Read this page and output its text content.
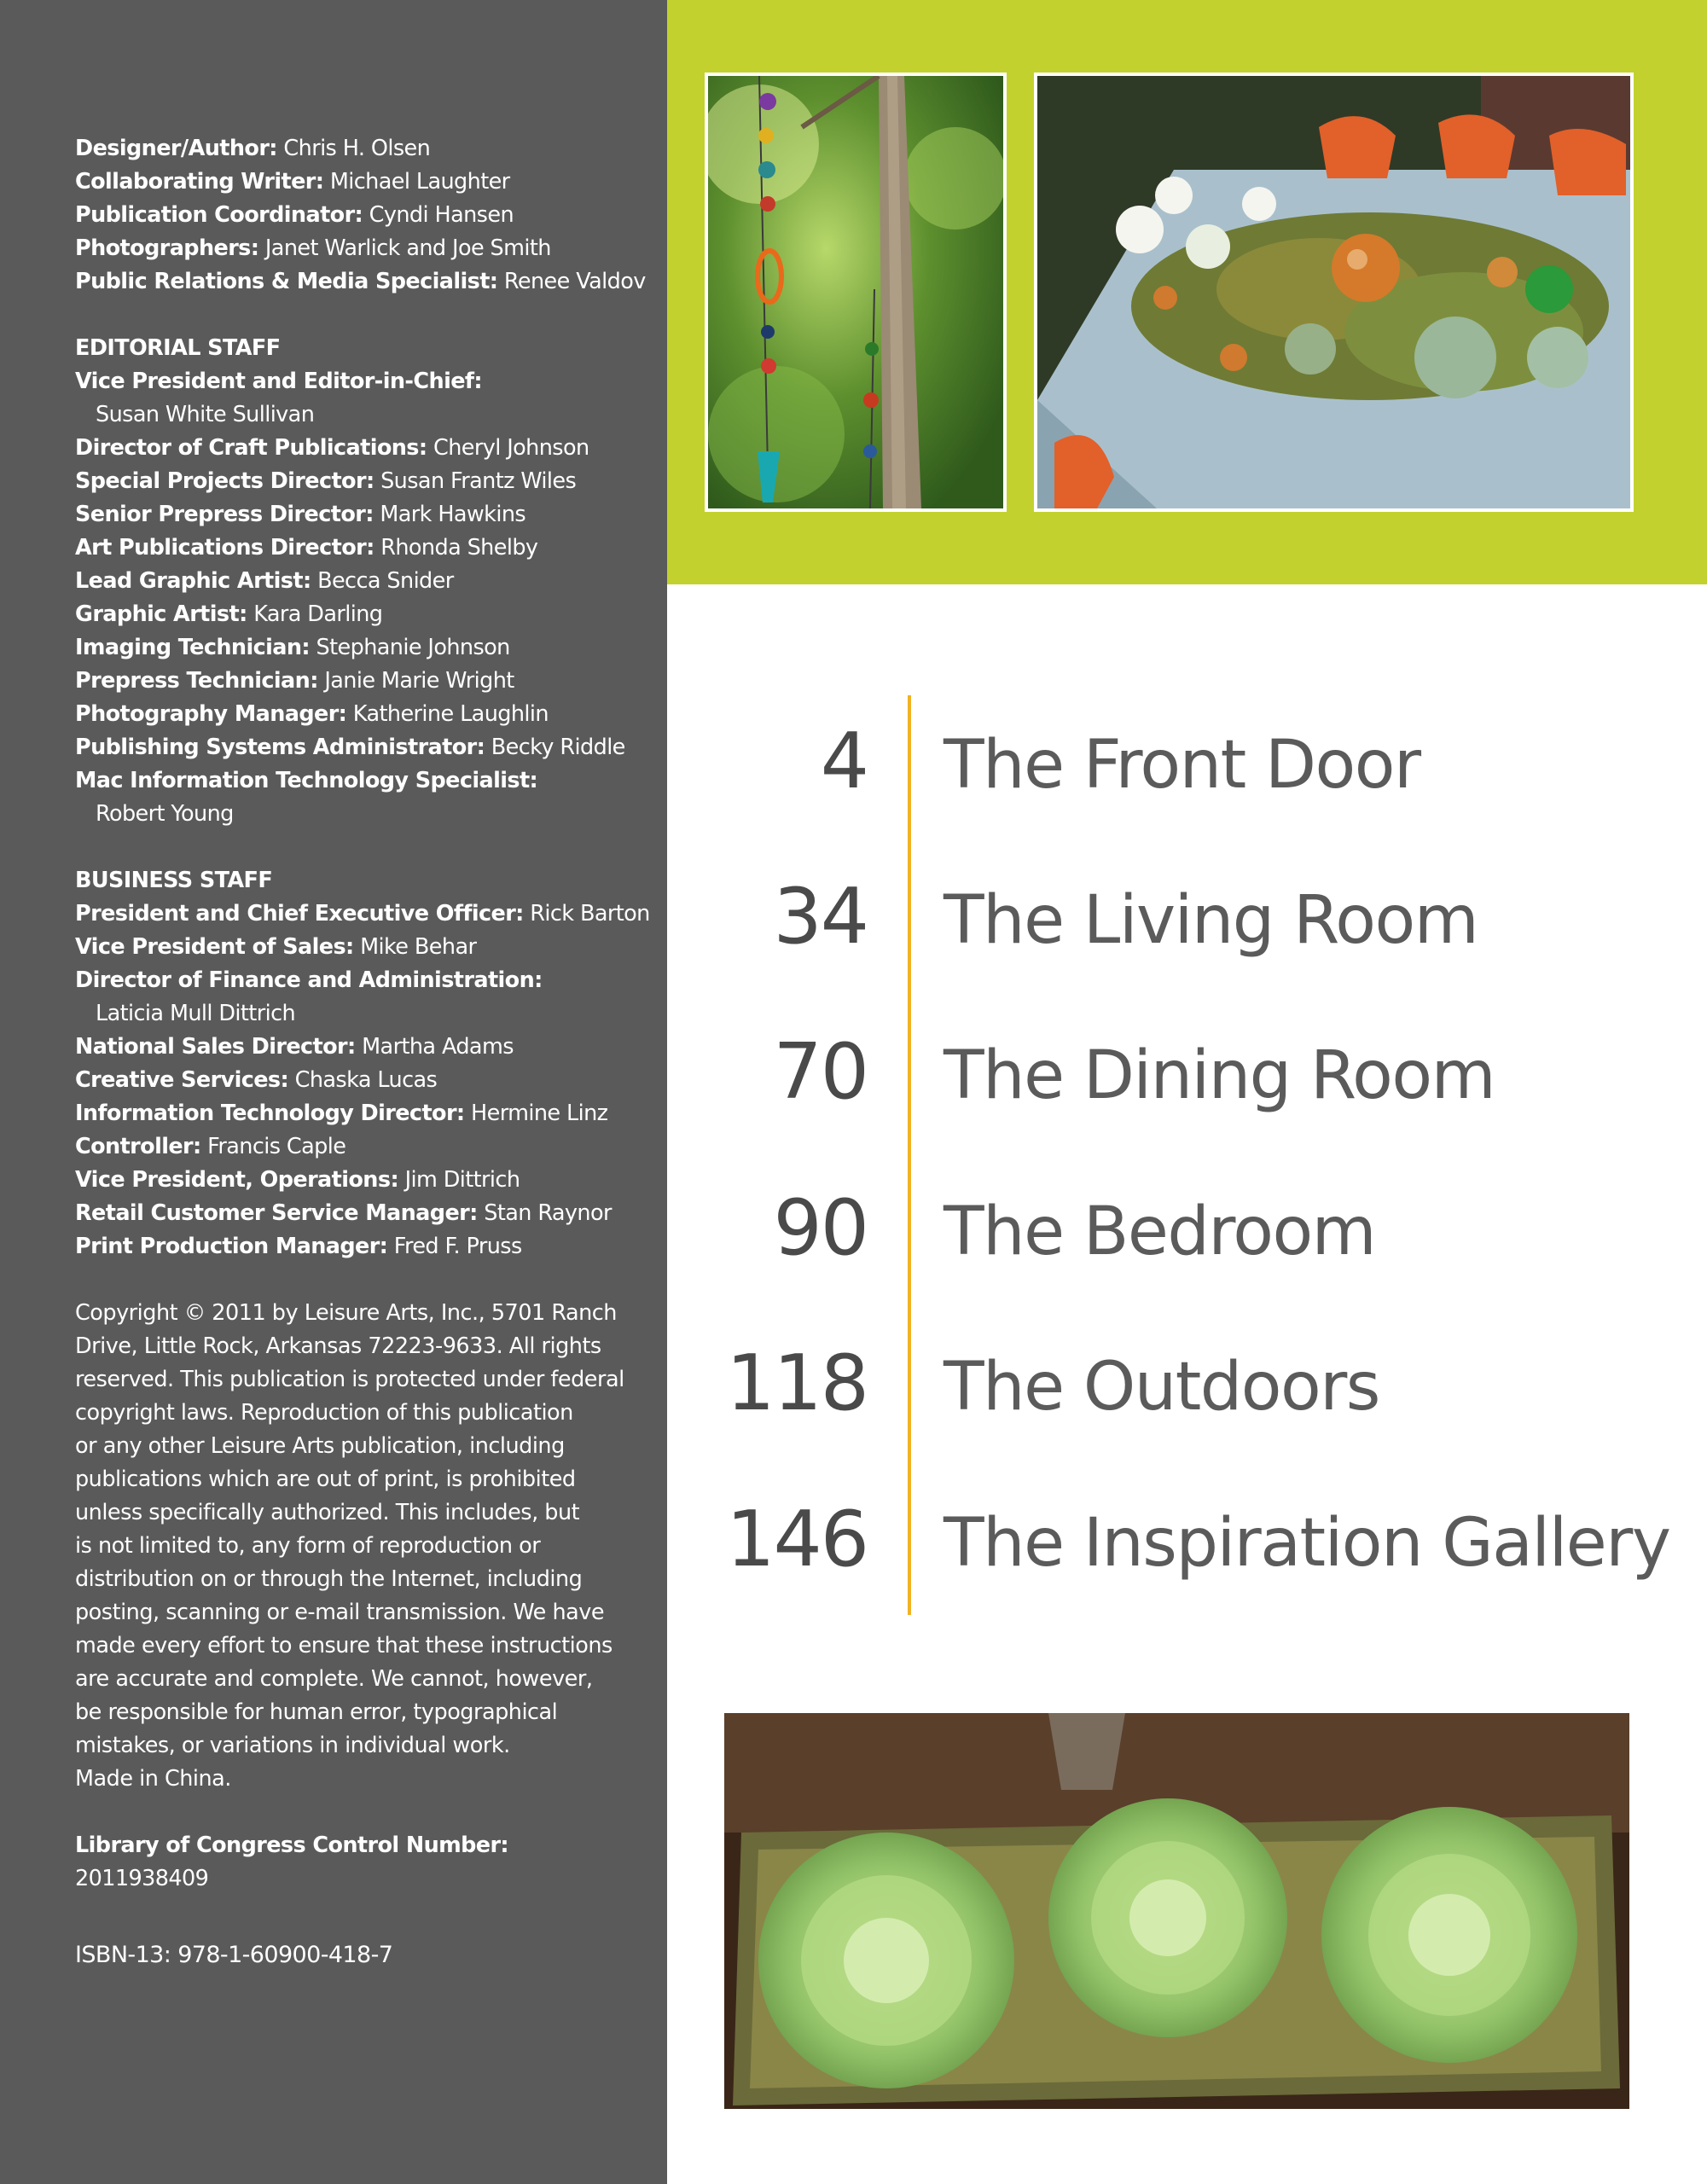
Designer/Author: Chris H. Olsen
Collaborating Writer: Michael Laughter
Publication Coordinator: Cyndi Hansen
Photographers: Janet Warlick and Joe Smith
Public Relations & Media Specialist: Renee Valdov
EDITORIAL STAFF
Vice President and Editor-in-Chief:
Susan White Sullivan
Director of Craft Publications: Cheryl Johnson
Special Projects Director: Susan Frantz Wiles
Senior Prepress Director: Mark Hawkins
Art Publications Director: Rhonda Shelby
Lead Graphic Artist: Becca Snider
Graphic Artist: Kara Darling
Imaging Technician: Stephanie Johnson
Prepress Technician: Janie Marie Wright
Photography Manager: Katherine Laughlin
Publishing Systems Administrator: Becky Riddle
Mac Information Technology Specialist:
Robert Young
BUSINESS STAFF
President and Chief Executive Officer: Rick Barton
Vice President of Sales: Mike Behar
Director of Finance and Administration:
Laticia Mull Dittrich
National Sales Director: Martha Adams
Creative Services: Chaska Lucas
Information Technology Director: Hermine Linz
Controller: Francis Caple
Vice President, Operations: Jim Dittrich
Retail Customer Service Manager: Stan Raynor
Print Production Manager: Fred F. Pruss
Copyright © 2011 by Leisure Arts, Inc., 5701 Ranch
Drive, Little Rock, Arkansas 72223-9633. All rights
reserved. This publication is protected under federal
copyright laws. Reproduction of this publication
or any other Leisure Arts publication, including
publications which are out of print, is prohibited
unless specifically authorized. This includes, but
is not limited to, any form of reproduction or
distribution on or through the Internet, including
posting, scanning or e-mail transmission. We have
made every effort to ensure that these instructions
are accurate and complete. We cannot, however,
be responsible for human error, typographical
mistakes, or variations in individual work.
Made in China.
Library of Congress Control Number:
2011938409
ISBN-13: 978-1-60900-418-7
4 The Front Door
34 The Living Room
70 The Dining Room
90 The Bedroom
118 The Outdoors
146 The Inspiration Gallery
